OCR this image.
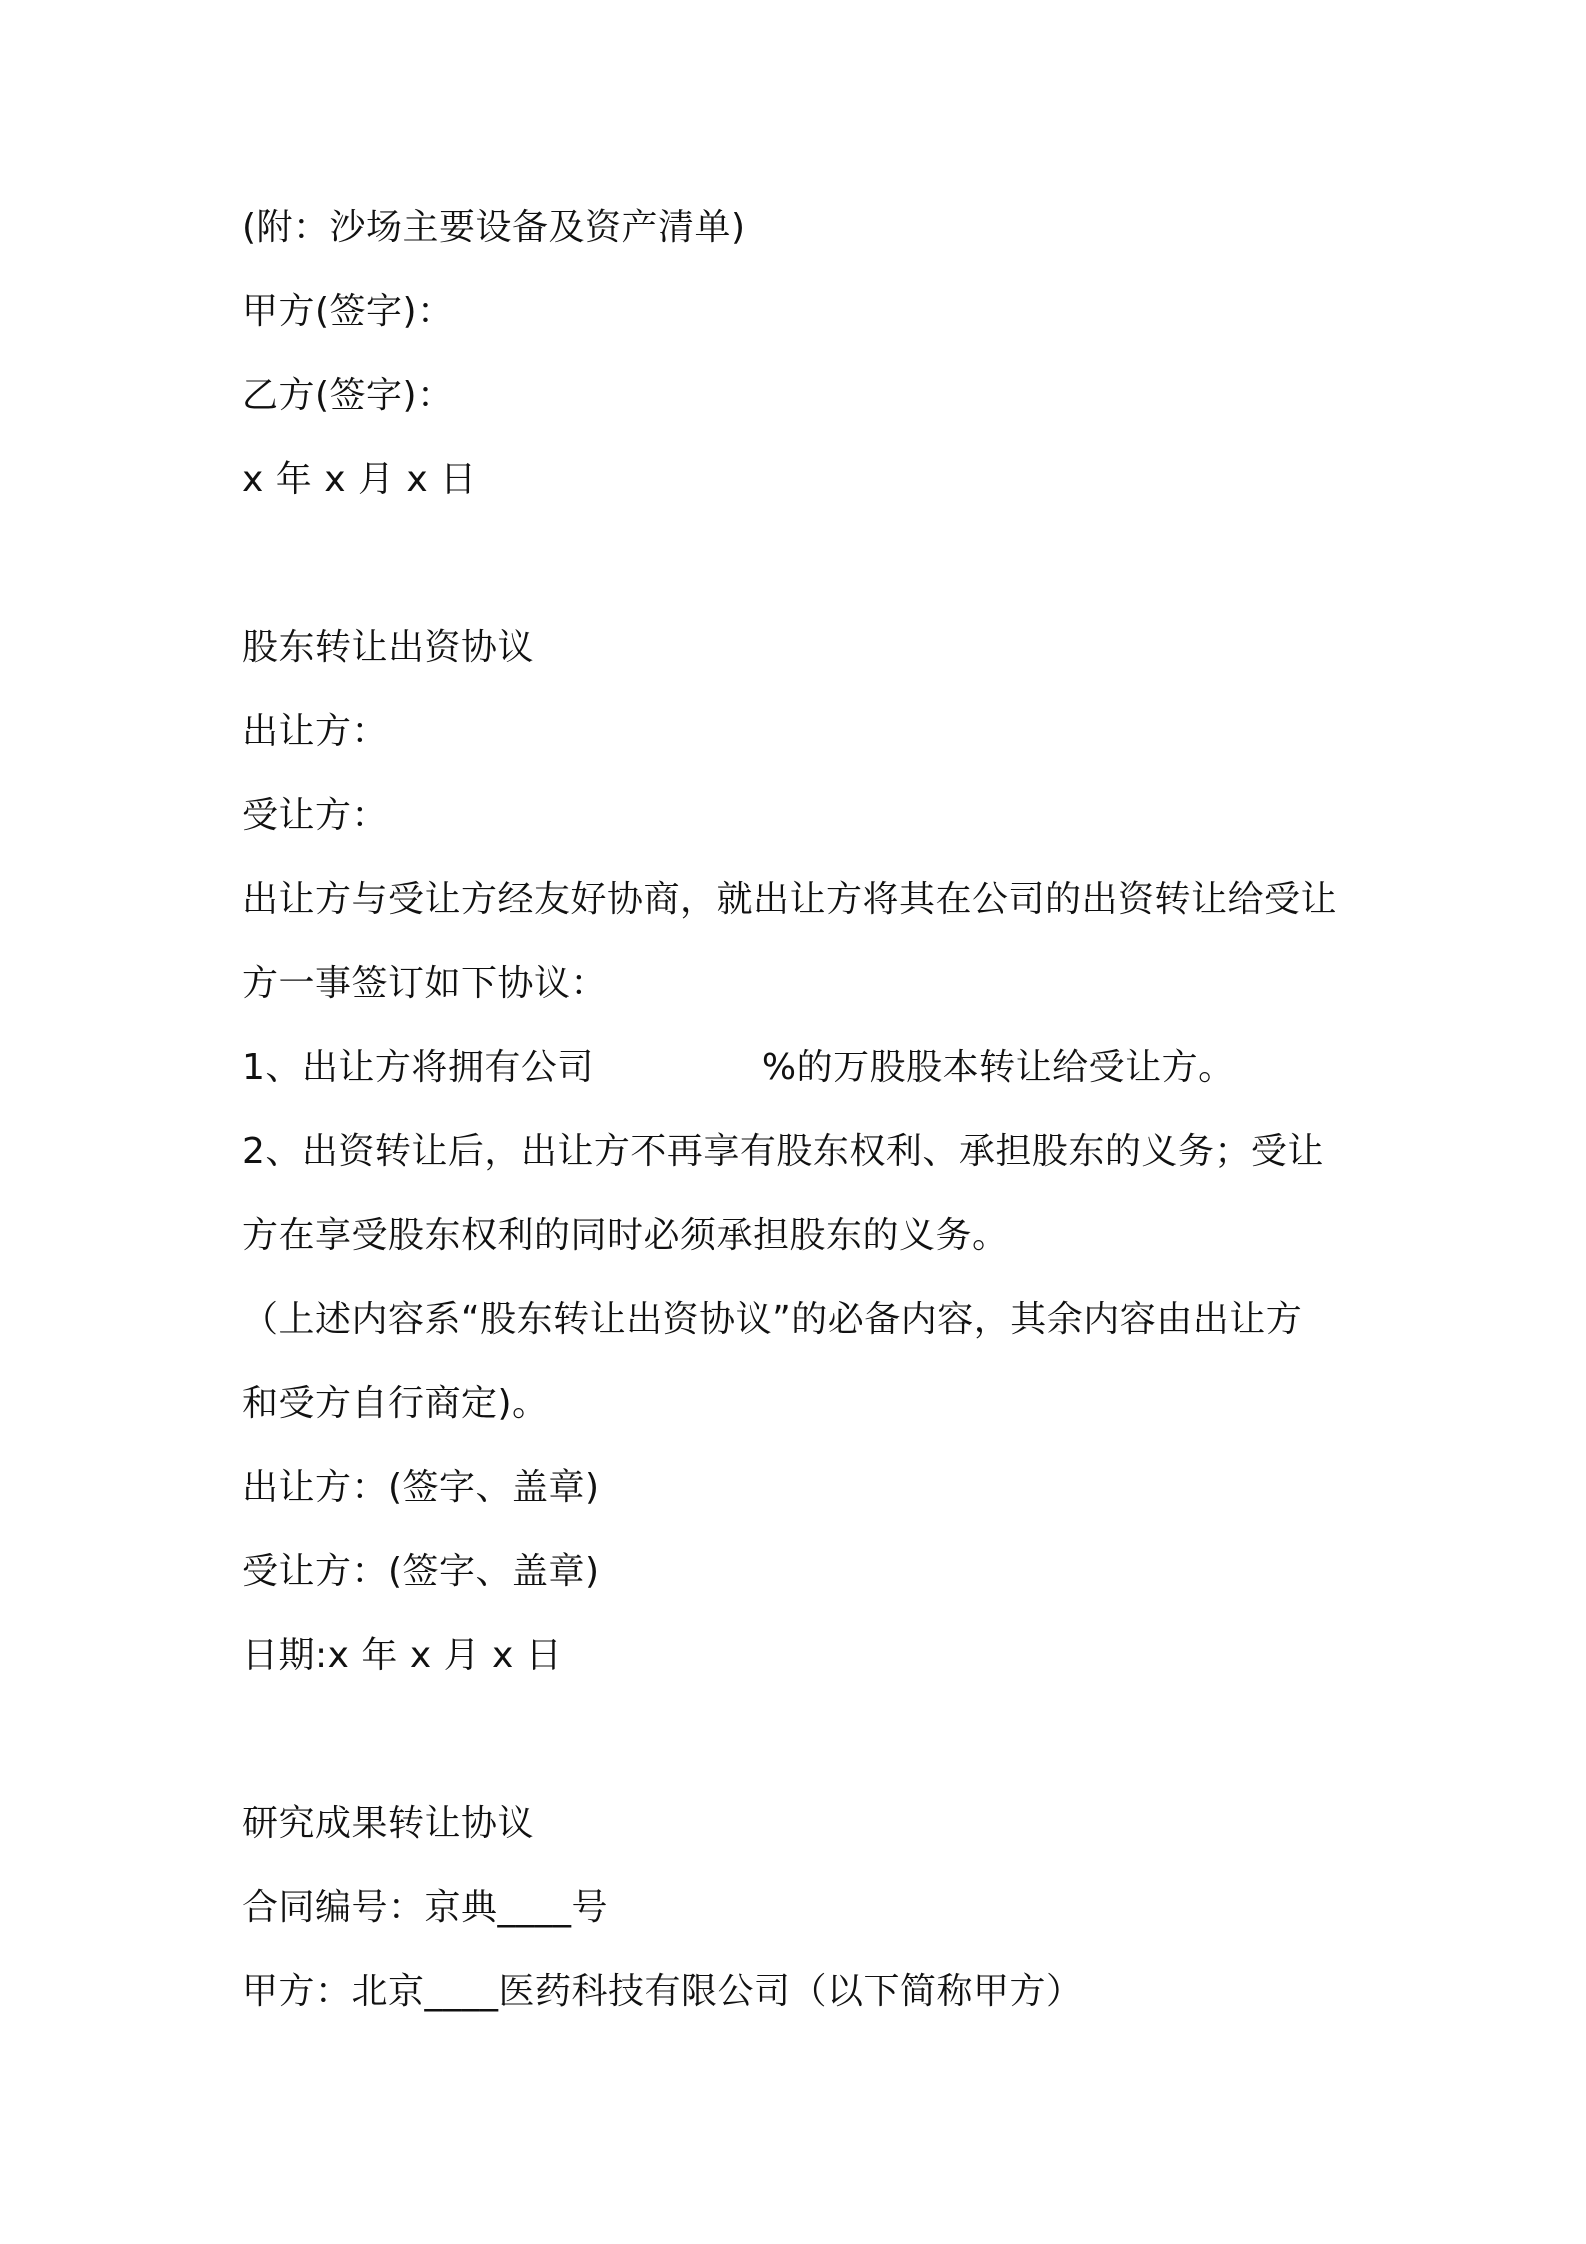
(附：沙场主要设备及资产清单)
甲方(签字)：
乙方(签字)：
x 年 x 月 x 日
股东转让出资协议
出让方：
受让方：
出让方与受让方经友好协商，就出让方将其在公司的出资转让给受让
方一事签订如下协议：
1、出让方将拥有公司	%的万股股本转让给受让方。
2、出资转让后，出让方不再享有股东权利、承担股东的义务；受让
方在享受股东权利的同时必须承担股东的义务。
（上述内容系“股东转让出资协议”的必备内容，其余内容由出让方
和受方自行商定)。
出让方：(签字、盖章)
受让方：(签字、盖章)
日期:x 年 x 月 x 日
研究成果转让协议
合同编号：京典____号
甲方：北京____医药科技有限公司（以下简称甲方）
